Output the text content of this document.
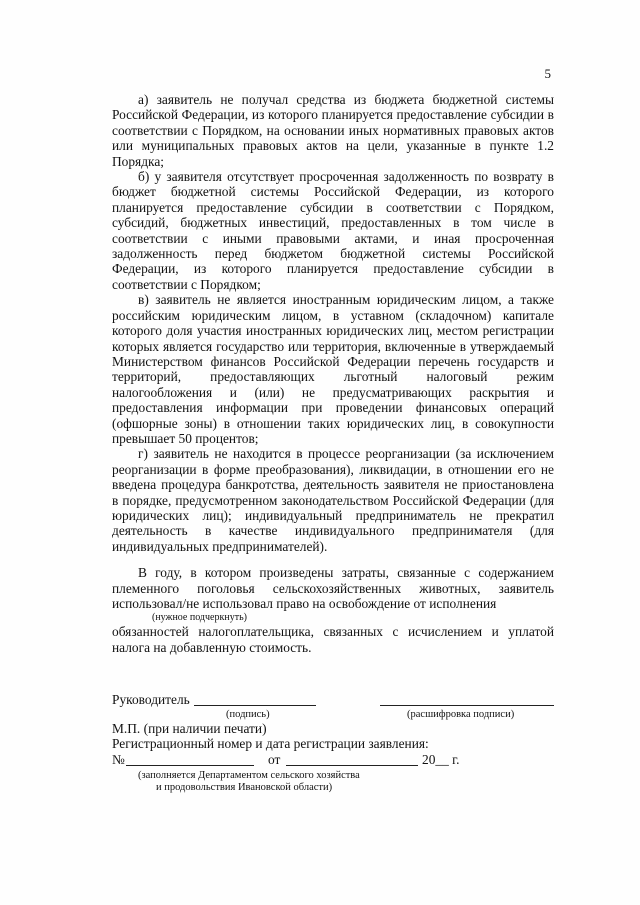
5

а) заявитель не получал средства из бюджета бюджетной системы Российской Федерации, из которого планируется предоставление субсидии в соответствии с Порядком, на основании иных нормативных правовых актов или муниципальных правовых актов на цели, указанные в пункте 1.2 Порядка;

б) у заявителя отсутствует просроченная задолженность по возврату в бюджет бюджетной системы Российской Федерации, из которого планируется предоставление субсидии в соответствии с Порядком, субсидий, бюджетных инвестиций, предоставленных в том числе в соответствии с иными правовыми актами, и иная просроченная задолженность перед бюджетом бюджетной системы Российской Федерации, из которого планируется предоставление субсидии в соответствии с Порядком;

в) заявитель не является иностранным юридическим лицом, а также российским юридическим лицом, в уставном (складочном) капитале которого доля участия иностранных юридических лиц, местом регистрации которых является государство или территория, включенные в утверждаемый Министерством финансов Российской Федерации перечень государств и территорий, предоставляющих льготный налоговый режим налогообложения и (или) не предусматривающих раскрытия и предоставления информации при проведении финансовых операций (офшорные зоны) в отношении таких юридических лиц, в совокупности превышает 50 процентов;

г) заявитель не находится в процессе реорганизации (за исключением реорганизации в форме преобразования), ликвидации, в отношении его не введена процедура банкротства, деятельность заявителя не приостановлена в порядке, предусмотренном законодательством Российской Федерации (для юридических лиц); индивидуальный предприниматель не прекратил деятельность в качестве индивидуального предпринимателя (для индивидуальных предпринимателей).

В году, в котором произведены затраты, связанные с содержанием племенного поголовья сельскохозяйственных животных, заявитель использовал/не использовал право на освобождение от исполнения

(нужное подчеркнуть)

обязанностей налогоплательщика, связанных с исчислением и уплатой налога на добавленную стоимость.

Руководитель
(подпись)	(расшифровка подписи)
М.П. (при наличии печати)
Регистрационный номер и дата регистрации заявления:
№	от	20__ г.
(заполняется Департаментом сельского хозяйства
и продовольствия Ивановской области)
